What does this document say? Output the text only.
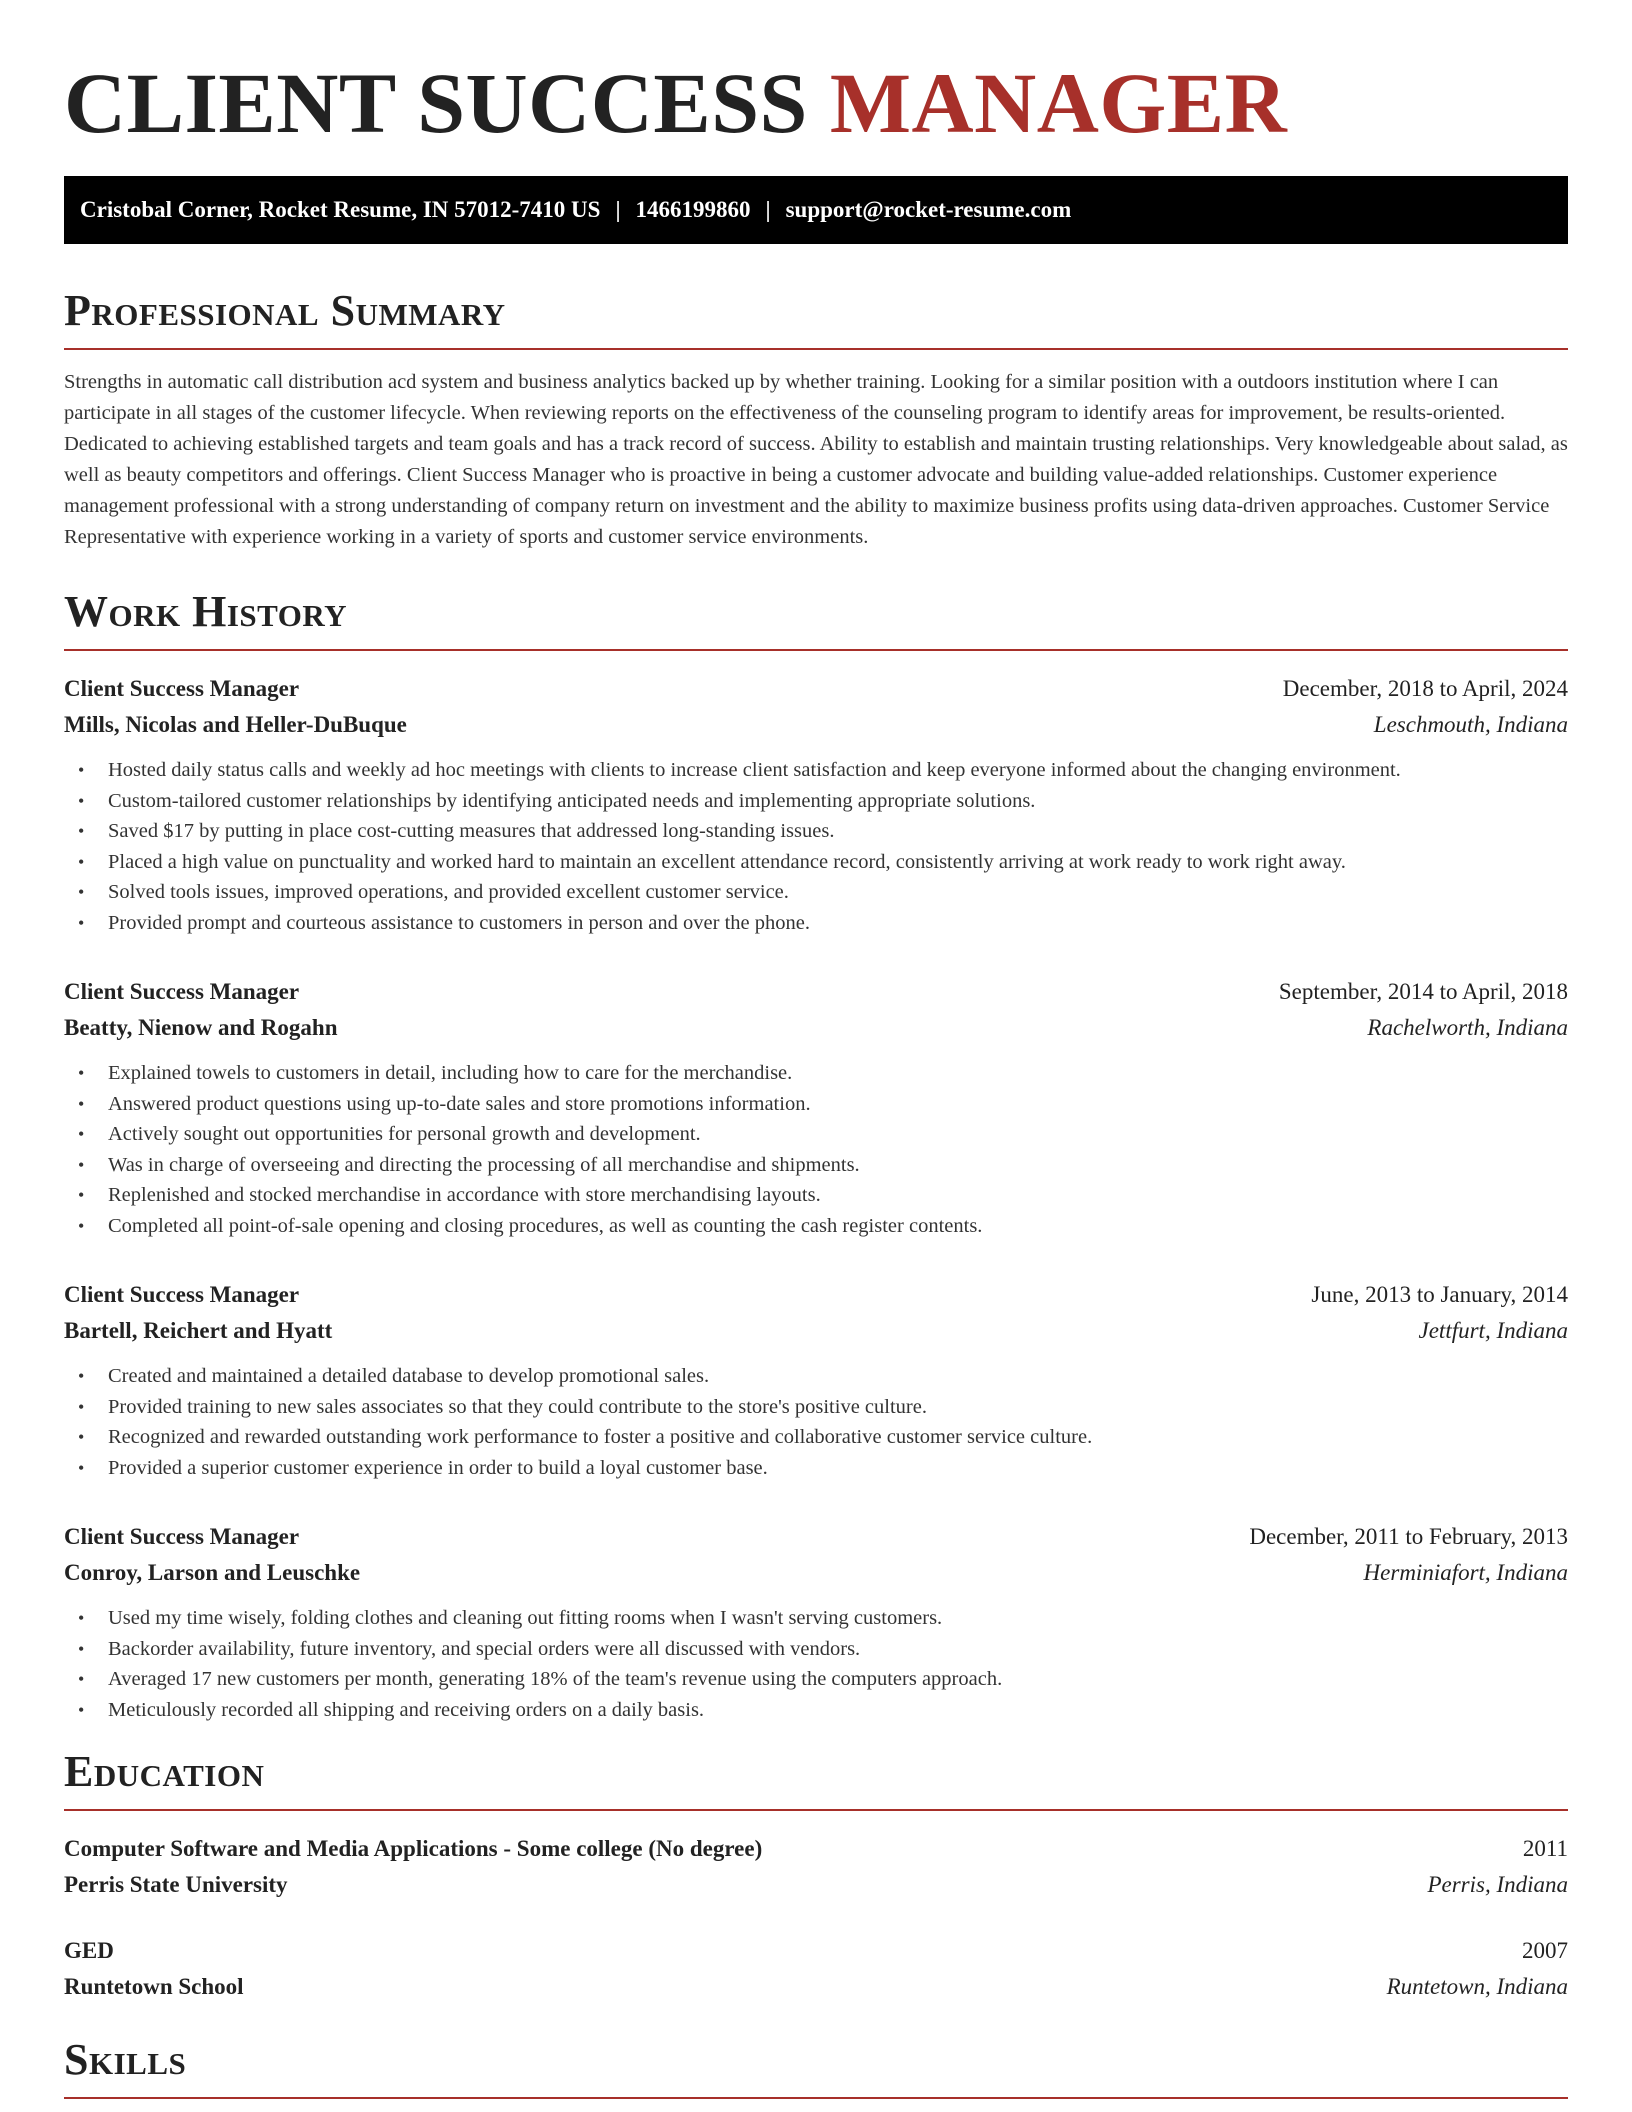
CLIENT SUCCESS MANAGER
Cristobal Corner, Rocket Resume, IN 57012-7410 US | 1466199860 | support@rocket-resume.com
Professional Summary

Strengths in automatic call distribution acd system and business analytics backed up by whether training. Looking for a similar position with a outdoors institution where I can participate in all stages of the customer lifecycle. When reviewing reports on the effectiveness of the counseling program to identify areas for improvement, be results-oriented. Dedicated to achieving established targets and team goals and has a track record of success. Ability to establish and maintain trusting relationships. Very knowledgeable about salad, as well as beauty competitors and offerings. Client Success Manager who is proactive in being a customer advocate and building value-added relationships. Customer experience management professional with a strong understanding of company return on investment and the ability to maximize business profits using data-driven approaches. Customer Service Representative with experience working in a variety of sports and customer service environments.

Work History
Client Success Manager	December, 2018 to April, 2024
Mills, Nicolas and Heller-DuBuque	Leschmouth, Indiana
•	Hosted daily status calls and weekly ad hoc meetings with clients to increase client satisfaction and keep everyone informed about the changing environment.
•	Custom-tailored customer relationships by identifying anticipated needs and implementing appropriate solutions.
•	Saved $17 by putting in place cost-cutting measures that addressed long-standing issues.
•	Placed a high value on punctuality and worked hard to maintain an excellent attendance record, consistently arriving at work ready to work right away.
•	Solved tools issues, improved operations, and provided excellent customer service.
•	Provided prompt and courteous assistance to customers in person and over the phone.
Client Success Manager	September, 2014 to April, 2018
Beatty, Nienow and Rogahn	Rachelworth, Indiana
•	Explained towels to customers in detail, including how to care for the merchandise.
•	Answered product questions using up-to-date sales and store promotions information.
•	Actively sought out opportunities for personal growth and development.
•	Was in charge of overseeing and directing the processing of all merchandise and shipments.
•	Replenished and stocked merchandise in accordance with store merchandising layouts.
•	Completed all point-of-sale opening and closing procedures, as well as counting the cash register contents.
Client Success Manager	June, 2013 to January, 2014
Bartell, Reichert and Hyatt	Jettfurt, Indiana
•	Created and maintained a detailed database to develop promotional sales.
•	Provided training to new sales associates so that they could contribute to the store's positive culture.
•	Recognized and rewarded outstanding work performance to foster a positive and collaborative customer service culture.
•	Provided a superior customer experience in order to build a loyal customer base.
Client Success Manager	December, 2011 to February, 2013
Conroy, Larson and Leuschke	Herminiafort, Indiana
•	Used my time wisely, folding clothes and cleaning out fitting rooms when I wasn't serving customers.
•	Backorder availability, future inventory, and special orders were all discussed with vendors.
•	Averaged 17 new customers per month, generating 18% of the team's revenue using the computers approach.
•	Meticulously recorded all shipping and receiving orders on a daily basis.
Education
Computer Software and Media Applications - Some college (No degree)	2011
Perris State University	Perris, Indiana
GED	2007
Runtetown School	Runtetown, Indiana
Skills
